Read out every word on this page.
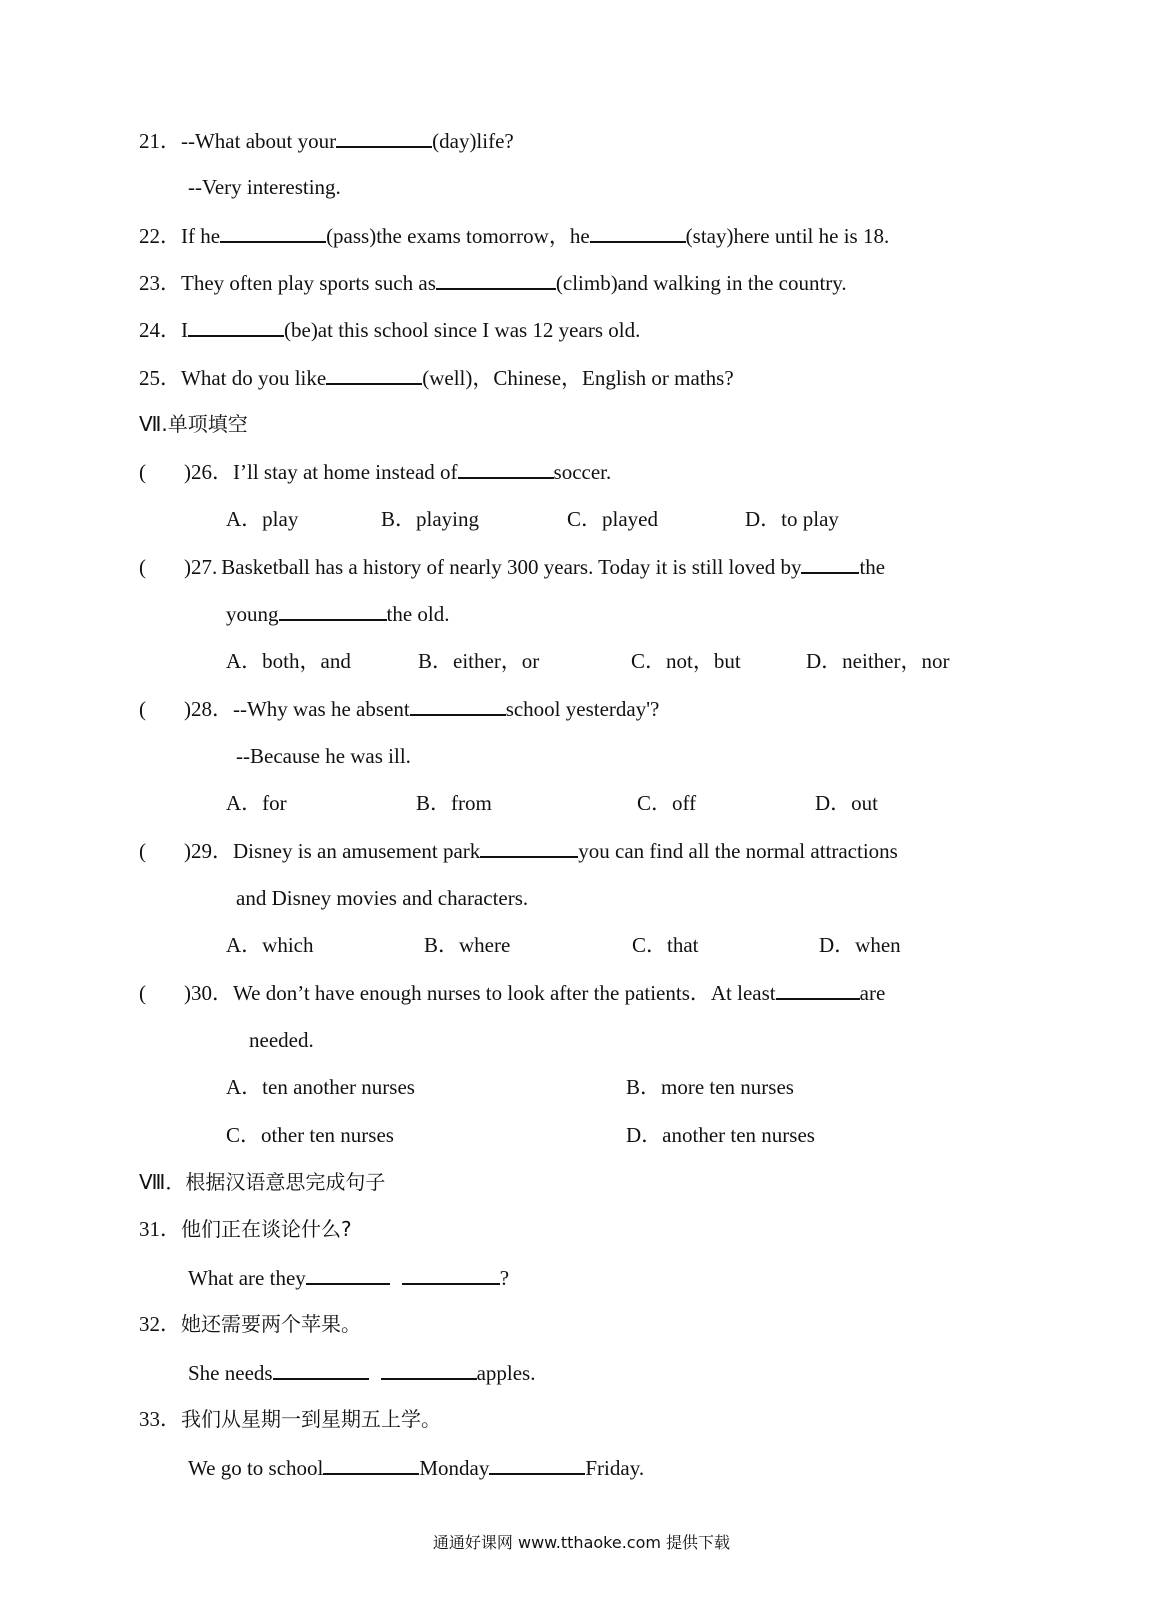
21．--What about your	(day)life?
--Very interesting.
22．If he	(pass)the exams tomorrow，he	(stay)here until he is 18.
23．They often play sports such as	(climb)and walking in the country.
24．I	(be)at this school since I was 12 years old.
25．What do you like	(well)，Chinese，English or maths?
Ⅶ.单项填空
( )26．I’ll stay at home instead of	soccer.
A．play	B．playing	C．played	D．to play
( )27. Basketball has a history of nearly 300 years. Today it is still loved by	the
young	the old.
A．both，and	B．either，or	C．not，but	D．neither，nor
( )28．--Why was he absent	school yesterday'?
--Because he was ill.
A．for	B．from	C．off	D．out
( )29．Disney is an amusement park	you can find all the normal attractions
and Disney movies and characters.
A．which	B．where	C．that	D．when
( )30．We don’t have enough nurses to look after the patients．At least	are
needed.
A．ten another nurses	B．more ten nurses
C．other ten nurses	D．another ten nurses
Ⅷ．根据汉语意思完成句子
31．他们正在谈论什么?
What are they	?
32．她还需要两个苹果。
She needs	apples.
33．我们从星期一到星期五上学。
We go to school	Monday	Friday.
通通好课网 www.tthaoke.com 提供下载
